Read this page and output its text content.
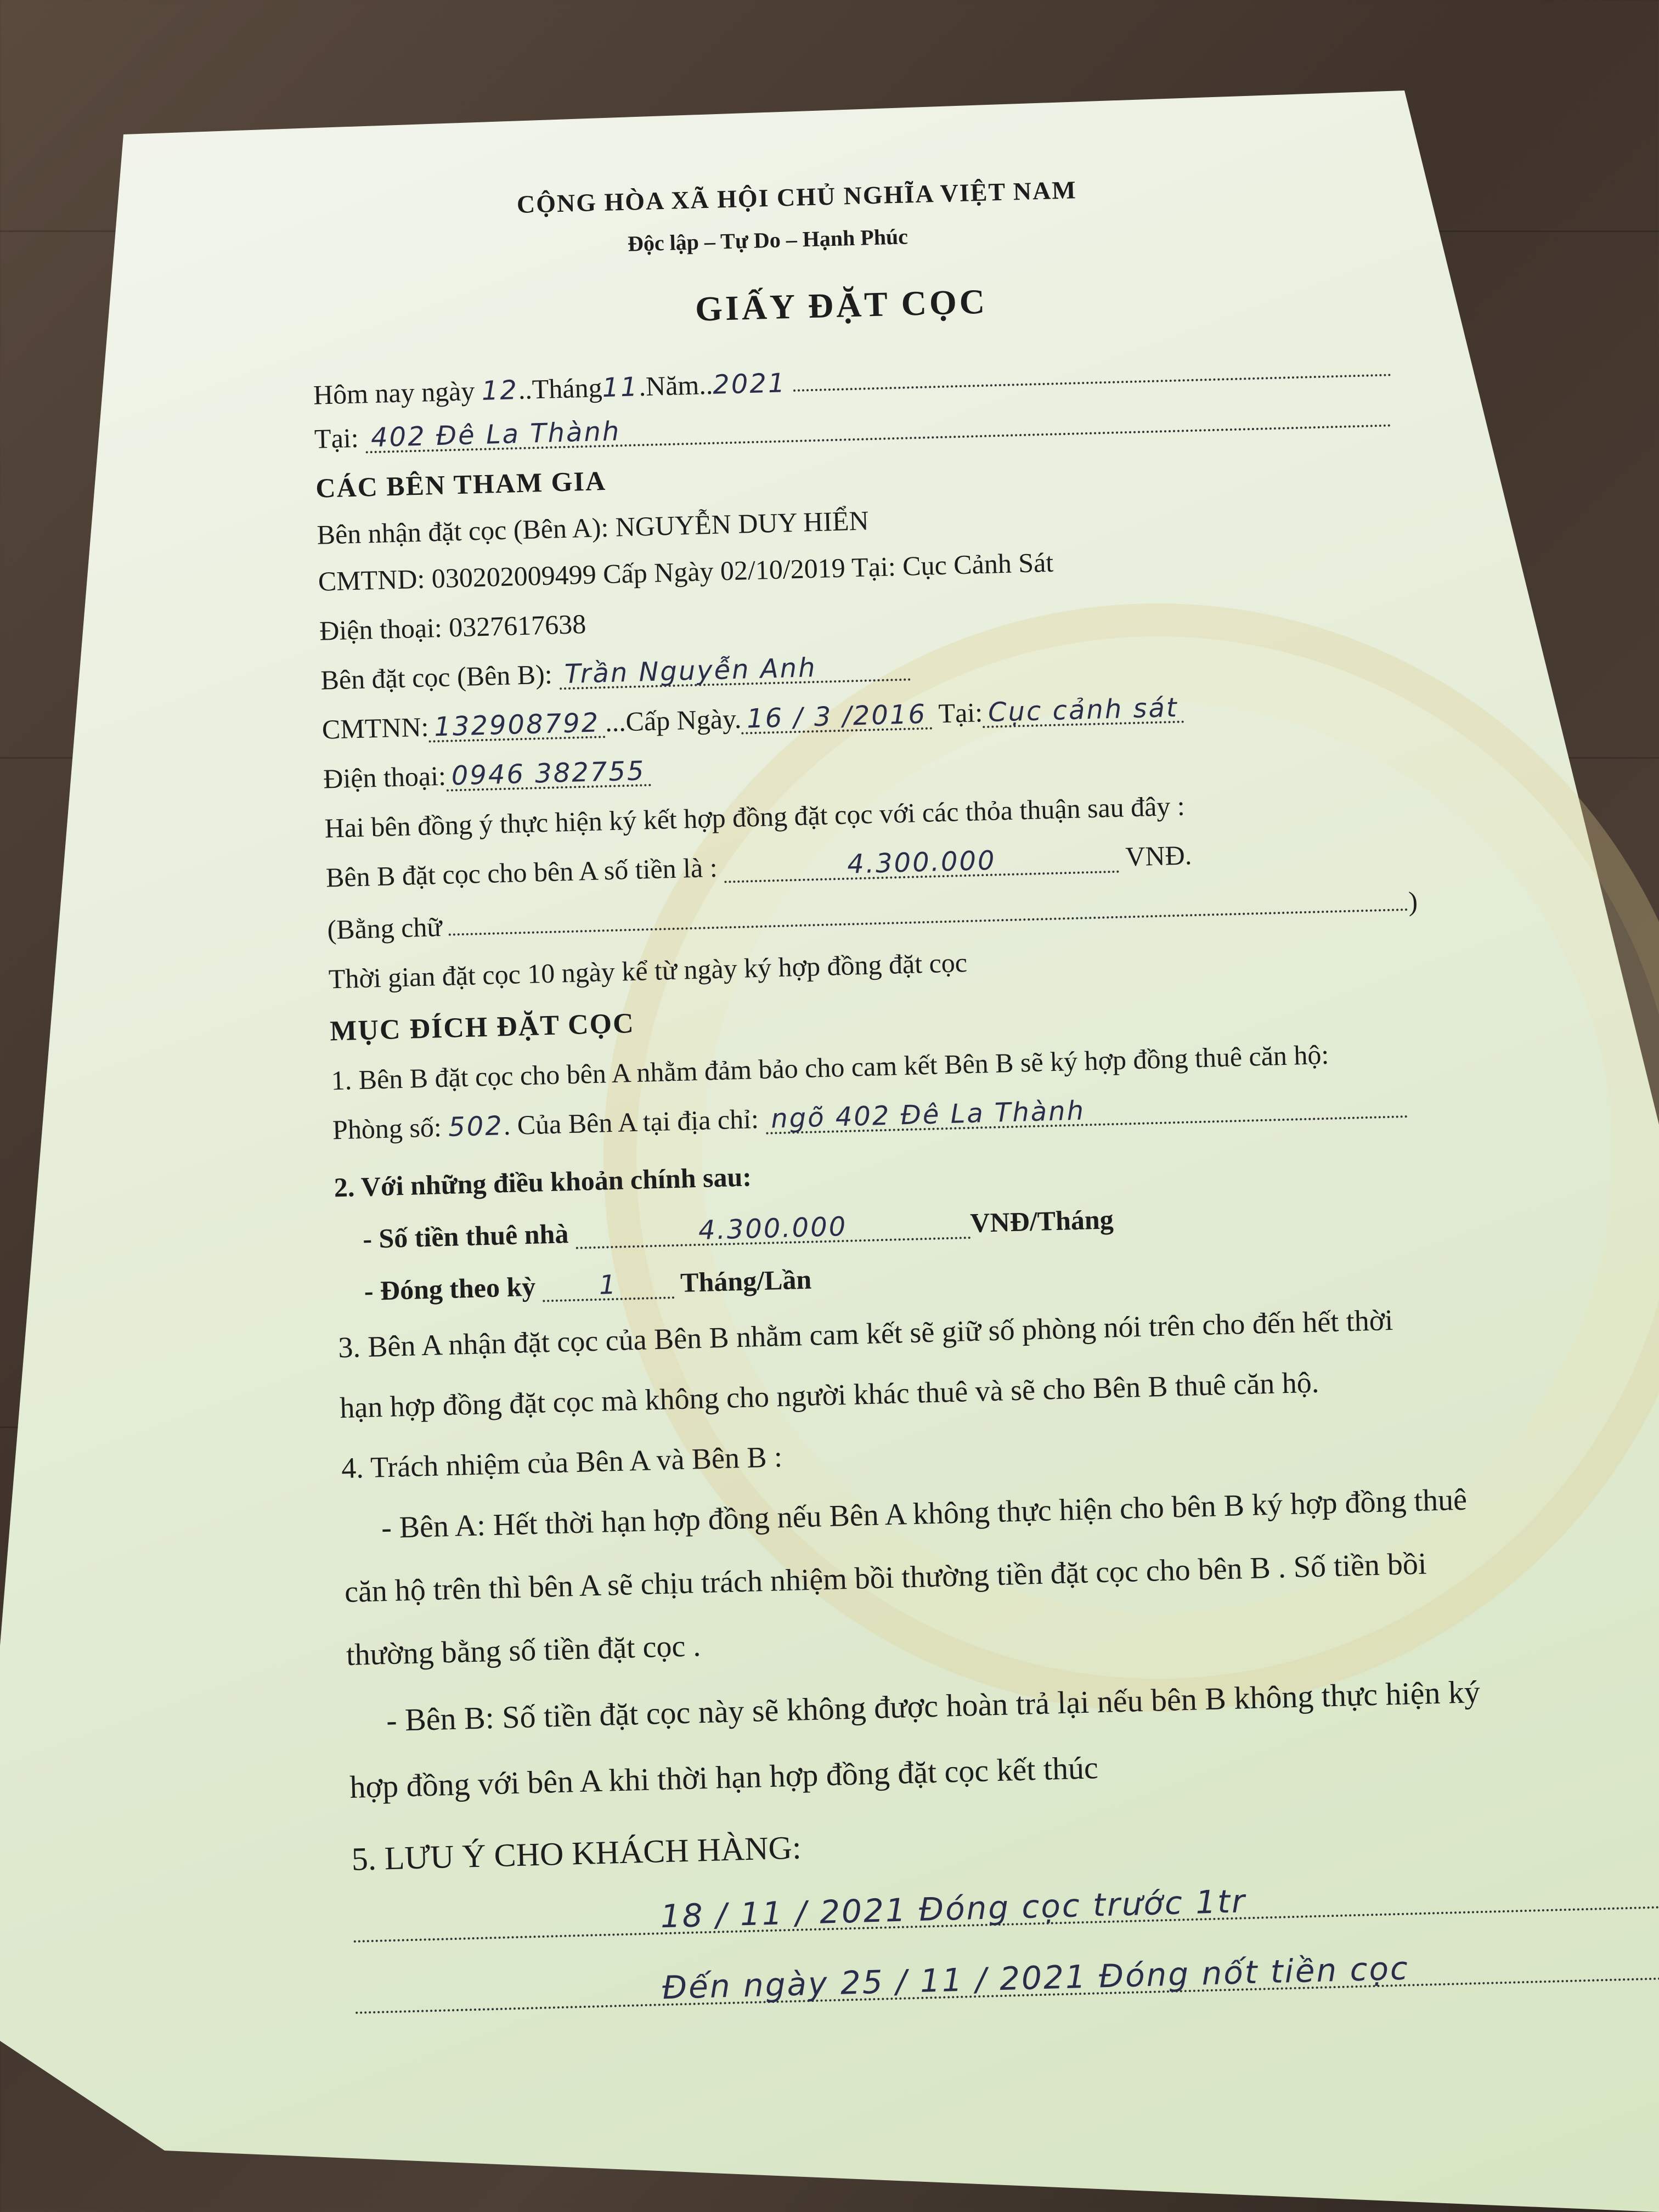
CỘNG HÒA XÃ HỘI CHỦ NGHĨA VIỆT NAM
Độc lập – Tự Do – Hạnh Phúc
GIẤY ĐẶT CỌC
Hôm nay ngày 12..Tháng11.Năm..2021
Tại: 402 Đê La Thành
CÁC BÊN THAM GIA
Bên nhận đặt cọc (Bên A): NGUYỄN DUY HIỂN
CMTND: 030202009499 Cấp Ngày 02/10/2019 Tại: Cục Cảnh Sát
Điện thoại: 0327617638
Bên đặt cọc (Bên B): Trần Nguyễn Anh
CMTNN: 132908792 ...Cấp Ngày. 16 / 3 /2016 Tại: Cục cảnh sát
Điện thoại: 0946 382755
Hai bên đồng ý thực hiện ký kết hợp đồng đặt cọc với các thỏa thuận sau đây :
Bên B đặt cọc cho bên A số tiền là :	4.300.000	VNĐ.
(Bằng chữ )
Thời gian đặt cọc 10 ngày kể từ ngày ký hợp đồng đặt cọc
MỤC ĐÍCH ĐẶT CỌC
1. Bên B đặt cọc cho bên A nhằm đảm bảo cho cam kết Bên B sẽ ký hợp đồng thuê căn hộ:
Phòng số: 502. Của Bên A tại địa chỉ: ngõ 402 Đê La Thành
2. Với những điều khoản chính sau:
- Số tiền thuê nhà	4.300.000	VNĐ/Tháng
- Đóng theo kỳ 1 Tháng/Lần
3. Bên A nhận đặt cọc của Bên B nhằm cam kết sẽ giữ số phòng nói trên cho đến hết thời
hạn hợp đồng đặt cọc mà không cho người khác thuê và sẽ cho Bên B thuê căn hộ.
4. Trách nhiệm của Bên A và Bên B :
- Bên A: Hết thời hạn hợp đồng nếu Bên A không thực hiện cho bên B ký hợp đồng thuê
căn hộ trên thì bên A sẽ chịu trách nhiệm bồi thường tiền đặt cọc cho bên B . Số tiền bồi
thường bằng số tiền đặt cọc .
- Bên B: Số tiền đặt cọc này sẽ không được hoàn trả lại nếu bên B không thực hiện ký
hợp đồng với bên A khi thời hạn hợp đồng đặt cọc kết thúc
5. LƯU Ý CHO KHÁCH HÀNG:
18 / 11 / 2021 Đóng cọc trước 1tr
Đến ngày 25 / 11 / 2021 Đóng nốt tiền cọc
